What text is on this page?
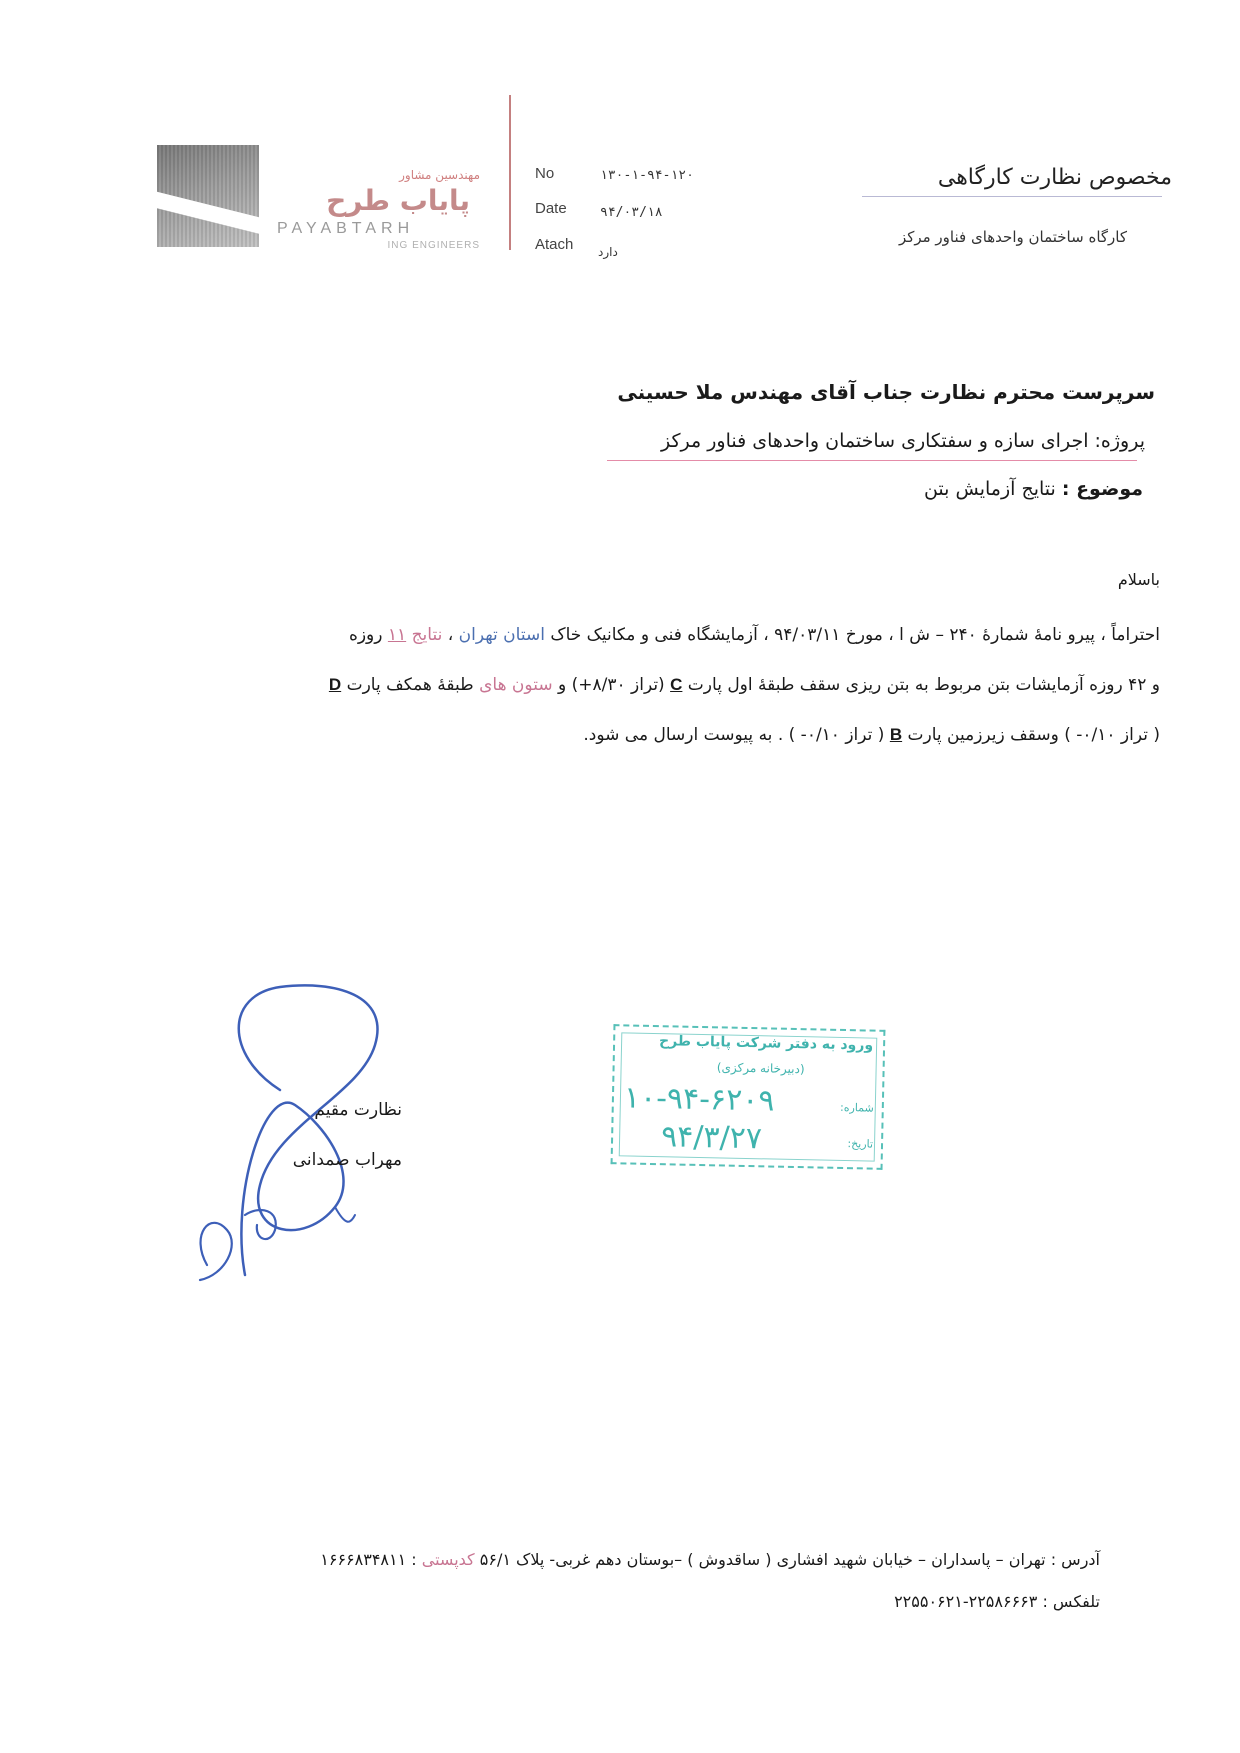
مهندسین مشاور
پایاب طرح
PAYABTARH
ING ENGINEERS
No	۱۳۰-۱-۹۴-۱۲۰
Date	۹۴/۰۳/۱۸
Atach دارد
مخصوص نظارت کارگاهی
کارگاه ساختمان واحدهای فناور مرکز
سرپرست محترم نظارت جناب آقای مهندس ملا حسینی
پروژه: اجرای سازه و سفتکاری ساختمان واحدهای فناور مرکز
موضوع : نتایج آزمایش بتن
باسلام

احتراماً ، پیرو نامهٔ شمارهٔ ۲۴۰ – ش ا ، مورخ ۹۴/۰۳/۱۱ ، آزمایشگاه فنی و مکانیک خاک استان تهران ، نتایج ۱۱ روزه

و ۴۲ روزه آزمایشات بتن مربوط به بتن ریزی سقف طبقهٔ اول پارت C (تراز ۸/۳۰+) و ستون های طبقهٔ همکف پارت D

( تراز ۰/۱۰- ) وسقف زیرزمین پارت B ( تراز ۰/۱۰- ) . به پیوست ارسال می شود.

نظارت مقیم
مهراب صمدانی
ورود به دفتر شرکت پایاب طرح
(دبیرخانه مرکزی)
شماره:
تاریخ:
۱۰-۹۴-۶۲۰۹
۹۴/۳/۲۷
آدرس : تهران – پاسداران – خیابان شهید افشاری ( ساقدوش ) –بوستان دهم غربی- پلاک ۵۶/۱ کدپستی : ۱۶۶۶۸۳۴۸۱۱
تلفکس : ۲۲۵۸۶۶۶۳-۲۲۵۵۰۶۲۱
